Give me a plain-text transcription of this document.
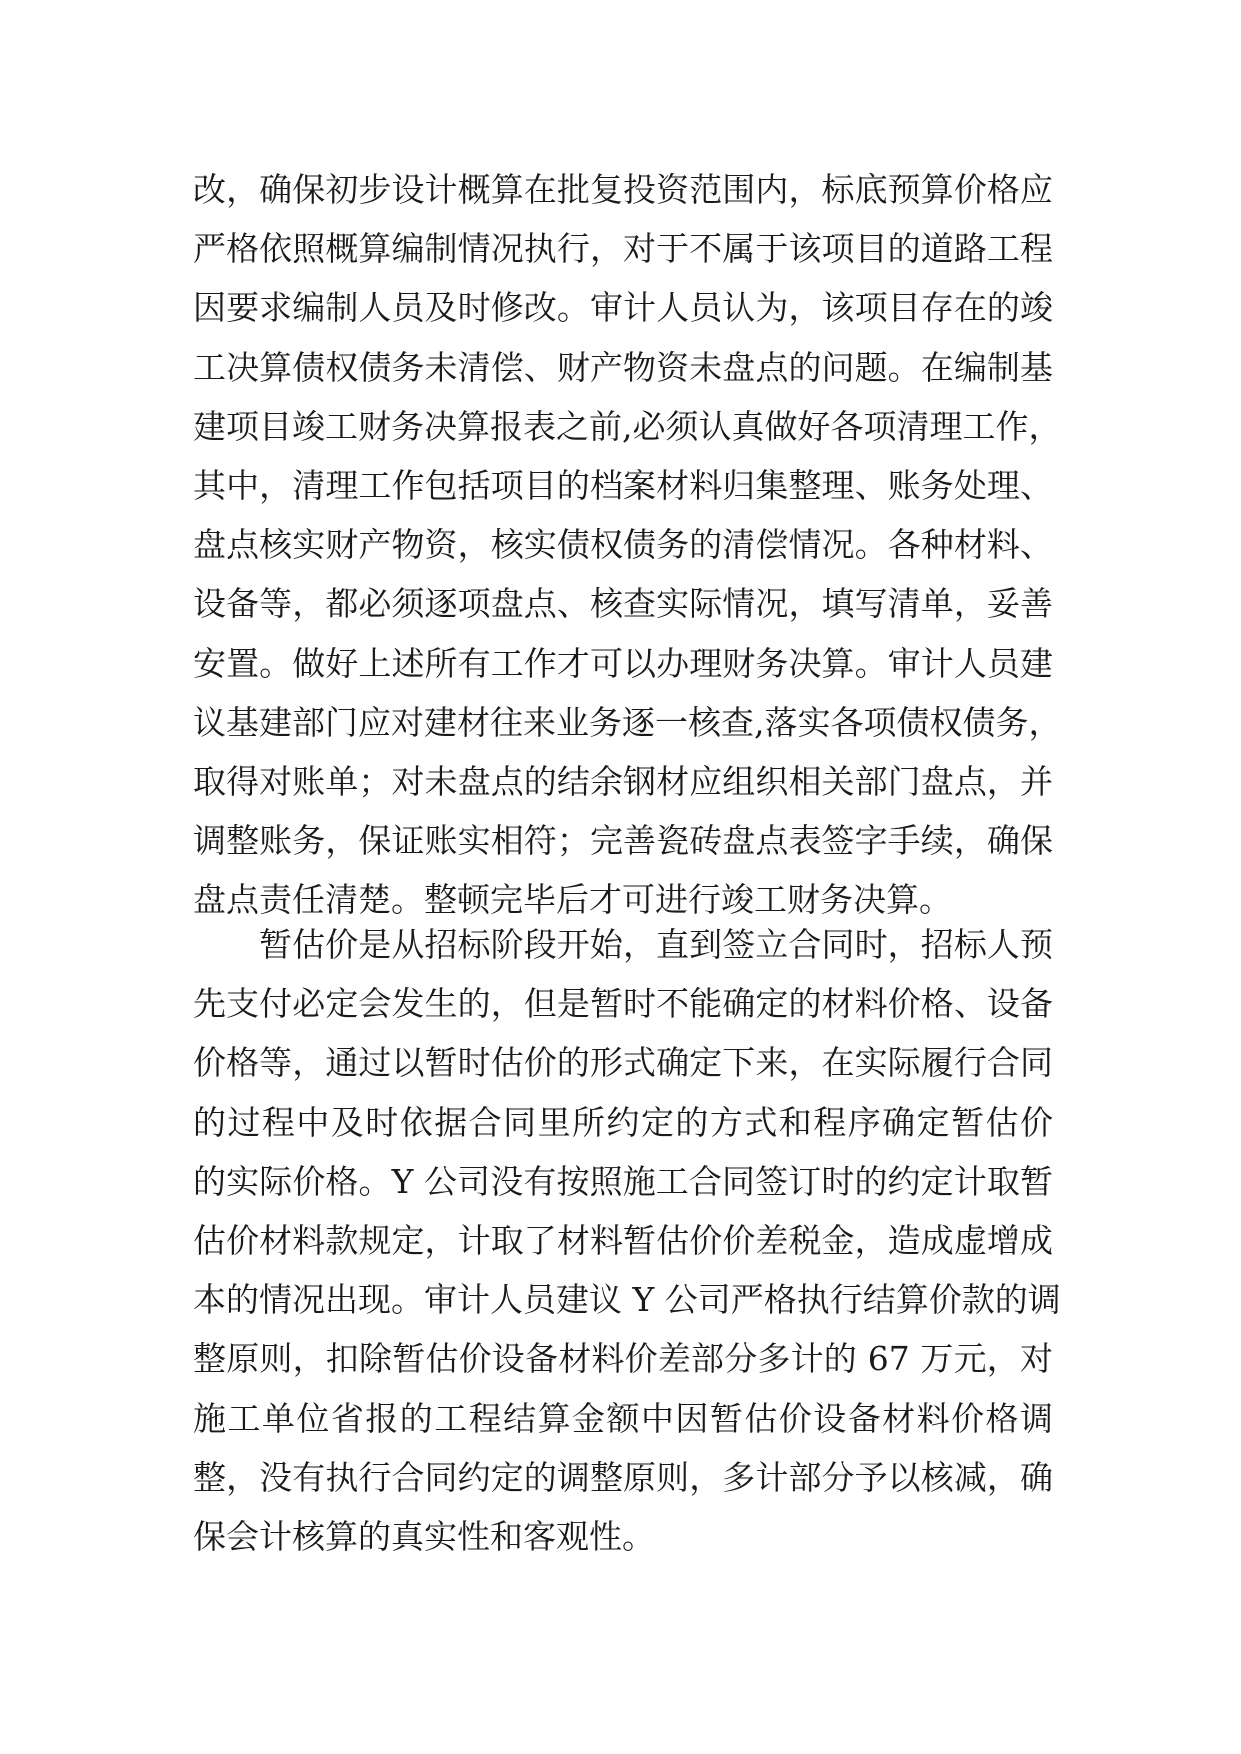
改，确保初步设计概算在批复投资范围内，标底预算价格应
严格依照概算编制情况执行，对于不属于该项目的道路工程
因要求编制人员及时修改。审计人员认为，该项目存在的竣
工决算债权债务未清偿、财产物资未盘点的问题。在编制基
建项目竣工财务决算报表之前,必须认真做好各项清理工作，
其中，清理工作包括项目的档案材料归集整理、账务处理、
盘点核实财产物资，核实债权债务的清偿情况。各种材料、
设备等，都必须逐项盘点、核查实际情况，填写清单，妥善
安置。做好上述所有工作才可以办理财务决算。审计人员建
议基建部门应对建材往来业务逐一核查,落实各项债权债务，
取得对账单；对未盘点的结余钢材应组织相关部门盘点，并
调整账务，保证账实相符；完善瓷砖盘点表签字手续，确保
盘点责任清楚。整顿完毕后才可进行竣工财务决算。
暂估价是从招标阶段开始，直到签立合同时，招标人预
先支付必定会发生的，但是暂时不能确定的材料价格、设备
价格等，通过以暂时估价的形式确定下来，在实际履行合同
的过程中及时依据合同里所约定的方式和程序确定暂估价
的实际价格。Y 公司没有按照施工合同签订时的约定计取暂
估价材料款规定，计取了材料暂估价价差税金，造成虚增成
本的情况出现。审计人员建议 Y 公司严格执行结算价款的调
整原则，扣除暂估价设备材料价差部分多计的 67 万元，对
施工单位省报的工程结算金额中因暂估价设备材料价格调
整，没有执行合同约定的调整原则，多计部分予以核减，确
保会计核算的真实性和客观性。
